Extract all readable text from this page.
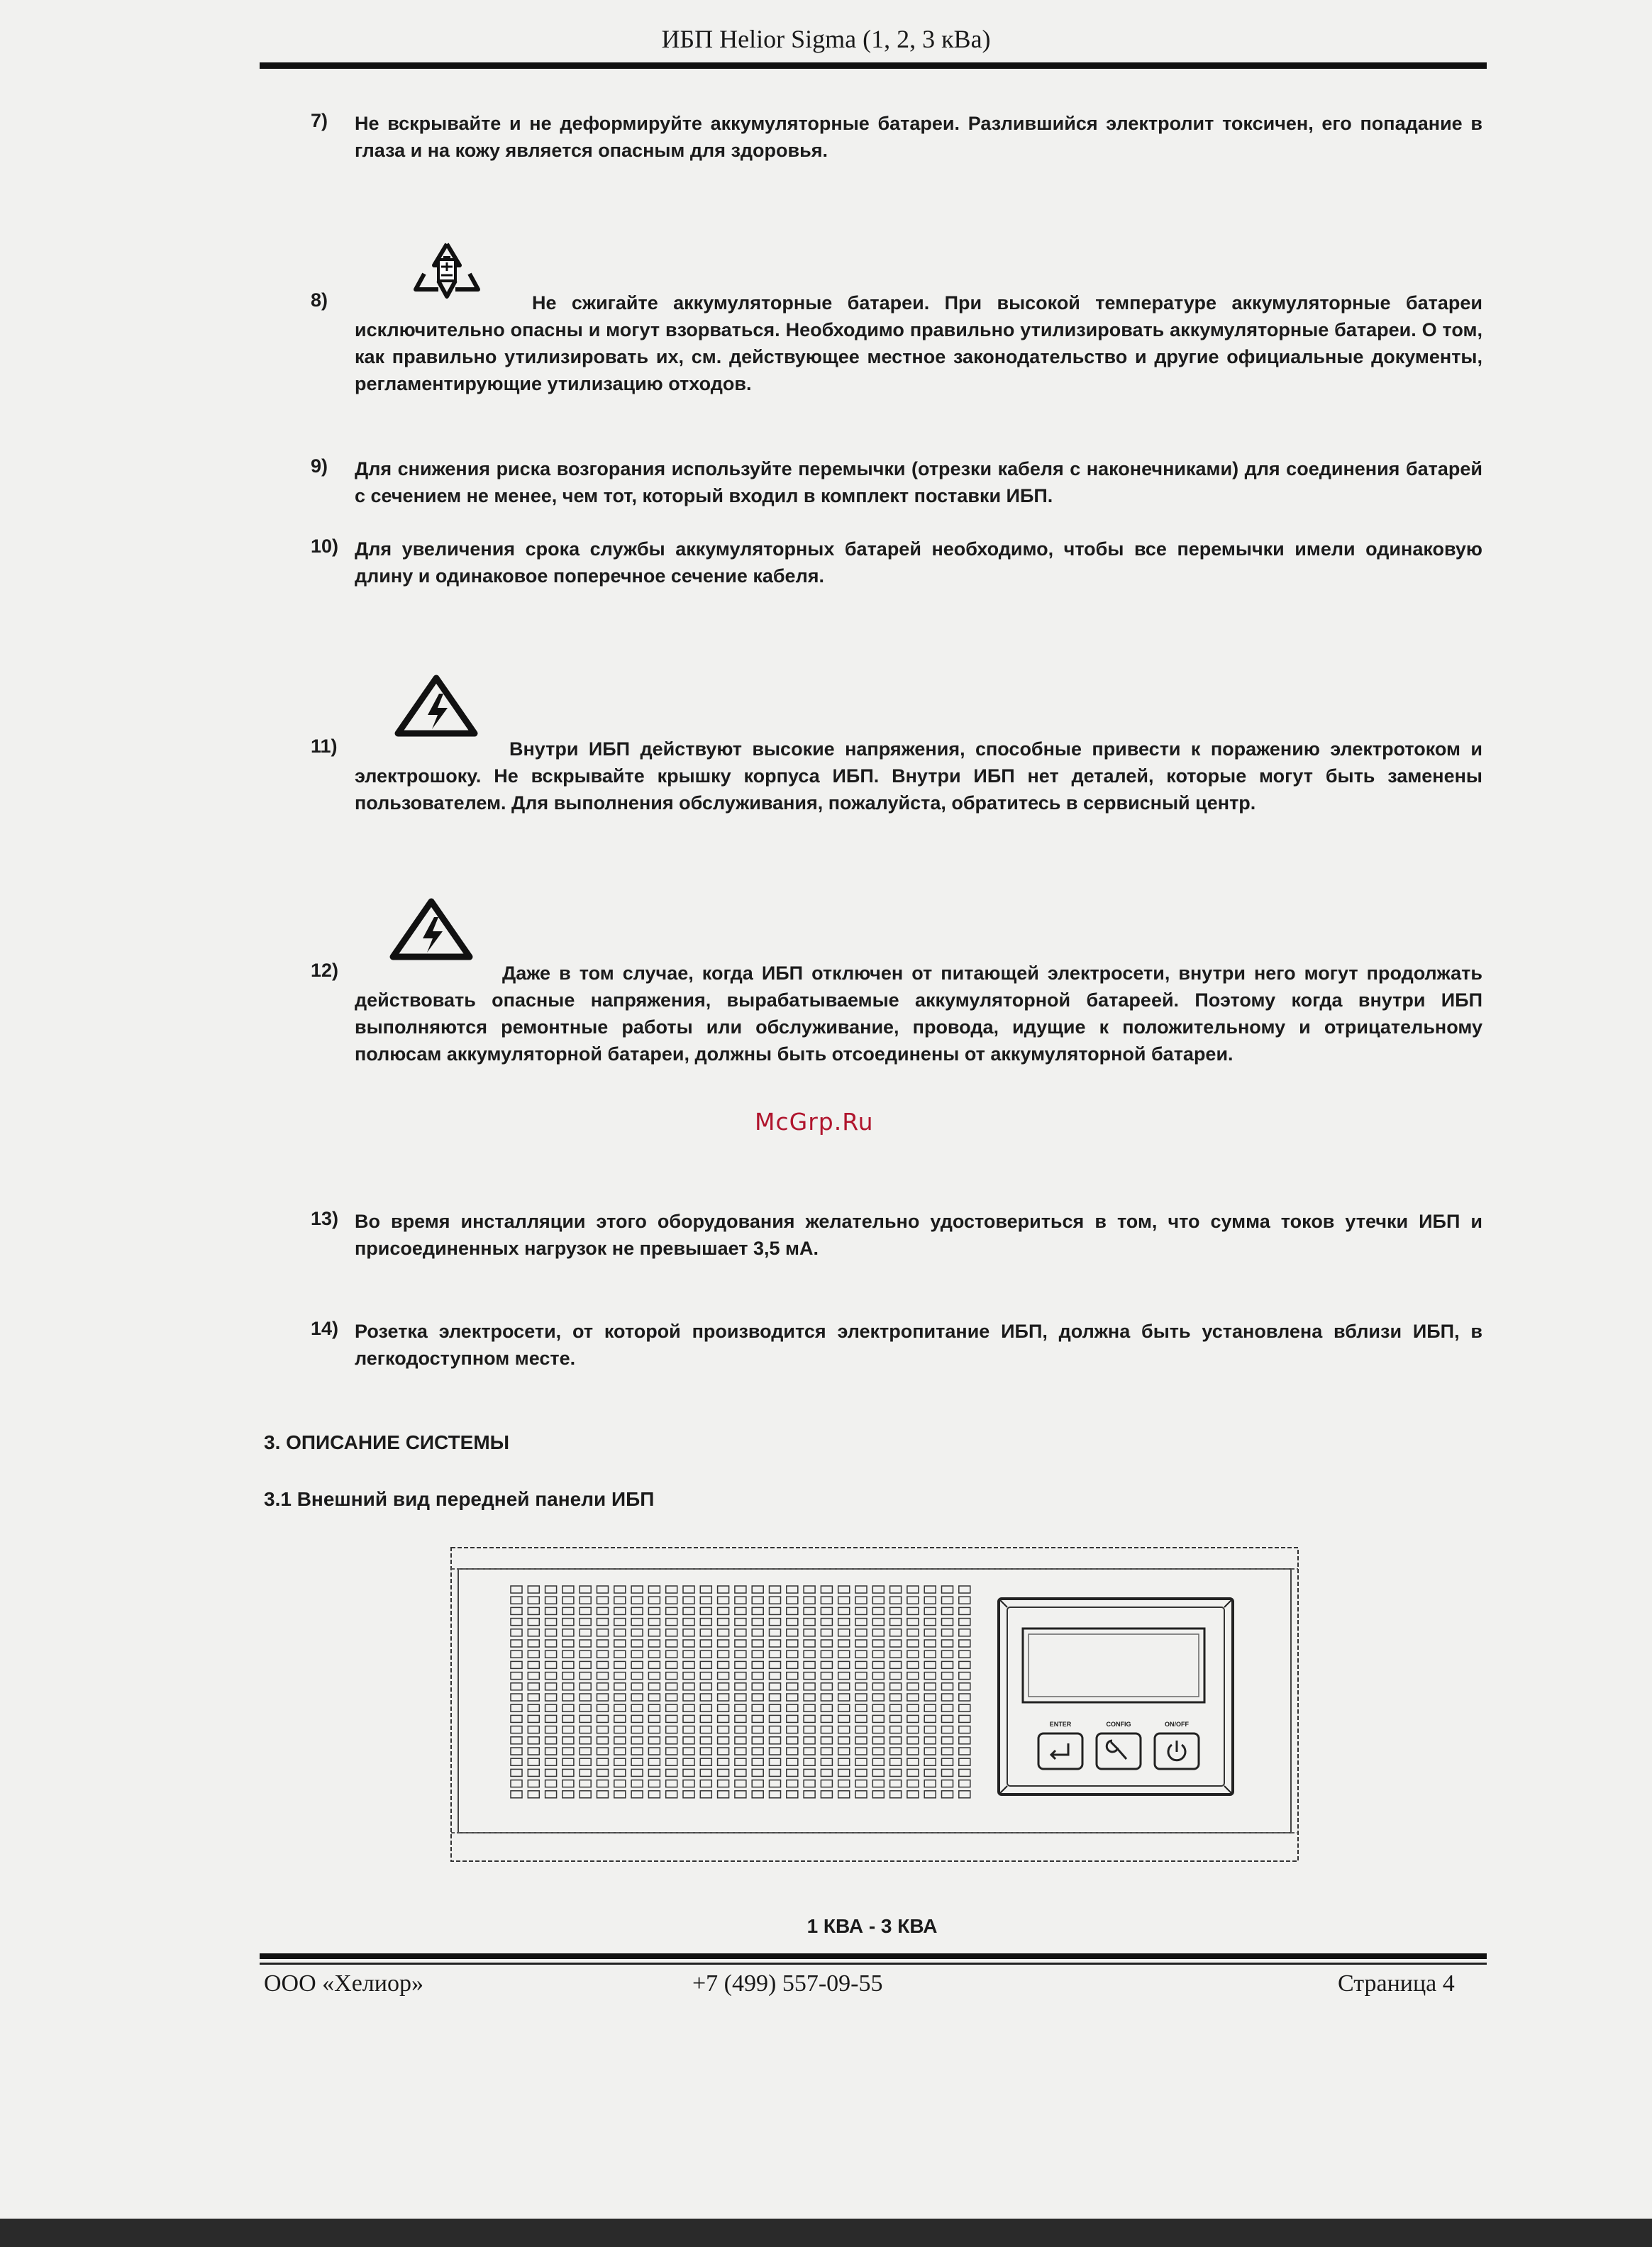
ИБП Helior Sigma (1, 2, 3 кВа)
7) Не вскрывайте и не деформируйте аккумуляторные батареи. Разлившийся электролит токсичен, его попадание в глаза и на кожу является опасным для здоровья.
8)	Не сжигайте аккумуляторные батареи. При высокой температуре аккумуляторные батареи исключительно опасны и могут взорваться. Необходимо правильно утилизировать аккумуляторные батареи. О том, как правильно утилизировать их, см. действующее местное законодательство и другие официальные документы, регламентирующие утилизацию отходов.
9) Для снижения риска возгорания используйте перемычки (отрезки кабеля с наконечниками) для соединения батарей с сечением не менее, чем тот, который входил в комплект поставки ИБП.
10) Для увеличения срока службы аккумуляторных батарей необходимо, чтобы все перемычки имели одинаковую длину и одинаковое поперечное сечение кабеля.
11)	Внутри ИБП действуют высокие напряжения, способные привести к поражению электротоком и электрошоку. Не вскрывайте крышку корпуса ИБП. Внутри ИБП нет деталей, которые могут быть заменены пользователем. Для выполнения обслуживания, пожалуйста, обратитесь в сервисный центр.
12)	Даже в том случае, когда ИБП отключен от питающей электросети, внутри него могут продолжать действовать опасные напряжения, вырабатываемые аккумуляторной батареей. Поэтому когда внутри ИБП выполняются ремонтные работы или обслуживание, провода, идущие к положительному и отрицательному полюсам аккумуляторной батареи, должны быть отсоединены от аккумуляторной батареи.
McGrp.Ru
13) Во время инсталляции этого оборудования желательно удостовериться в том, что сумма токов утечки ИБП и присоединенных нагрузок не превышает 3,5 мА.
14) Розетка электросети, от которой производится электропитание ИБП, должна быть установлена вблизи ИБП, в легкодоступном месте.
3. ОПИСАНИЕ СИСТЕМЫ
3.1 Внешний вид передней панели ИБП
ENTER	CONFIG	ON/OFF
1 КВА - 3 КВА
ООО «Хелиор»	+7 (499) 557-09-55	Страница 4
